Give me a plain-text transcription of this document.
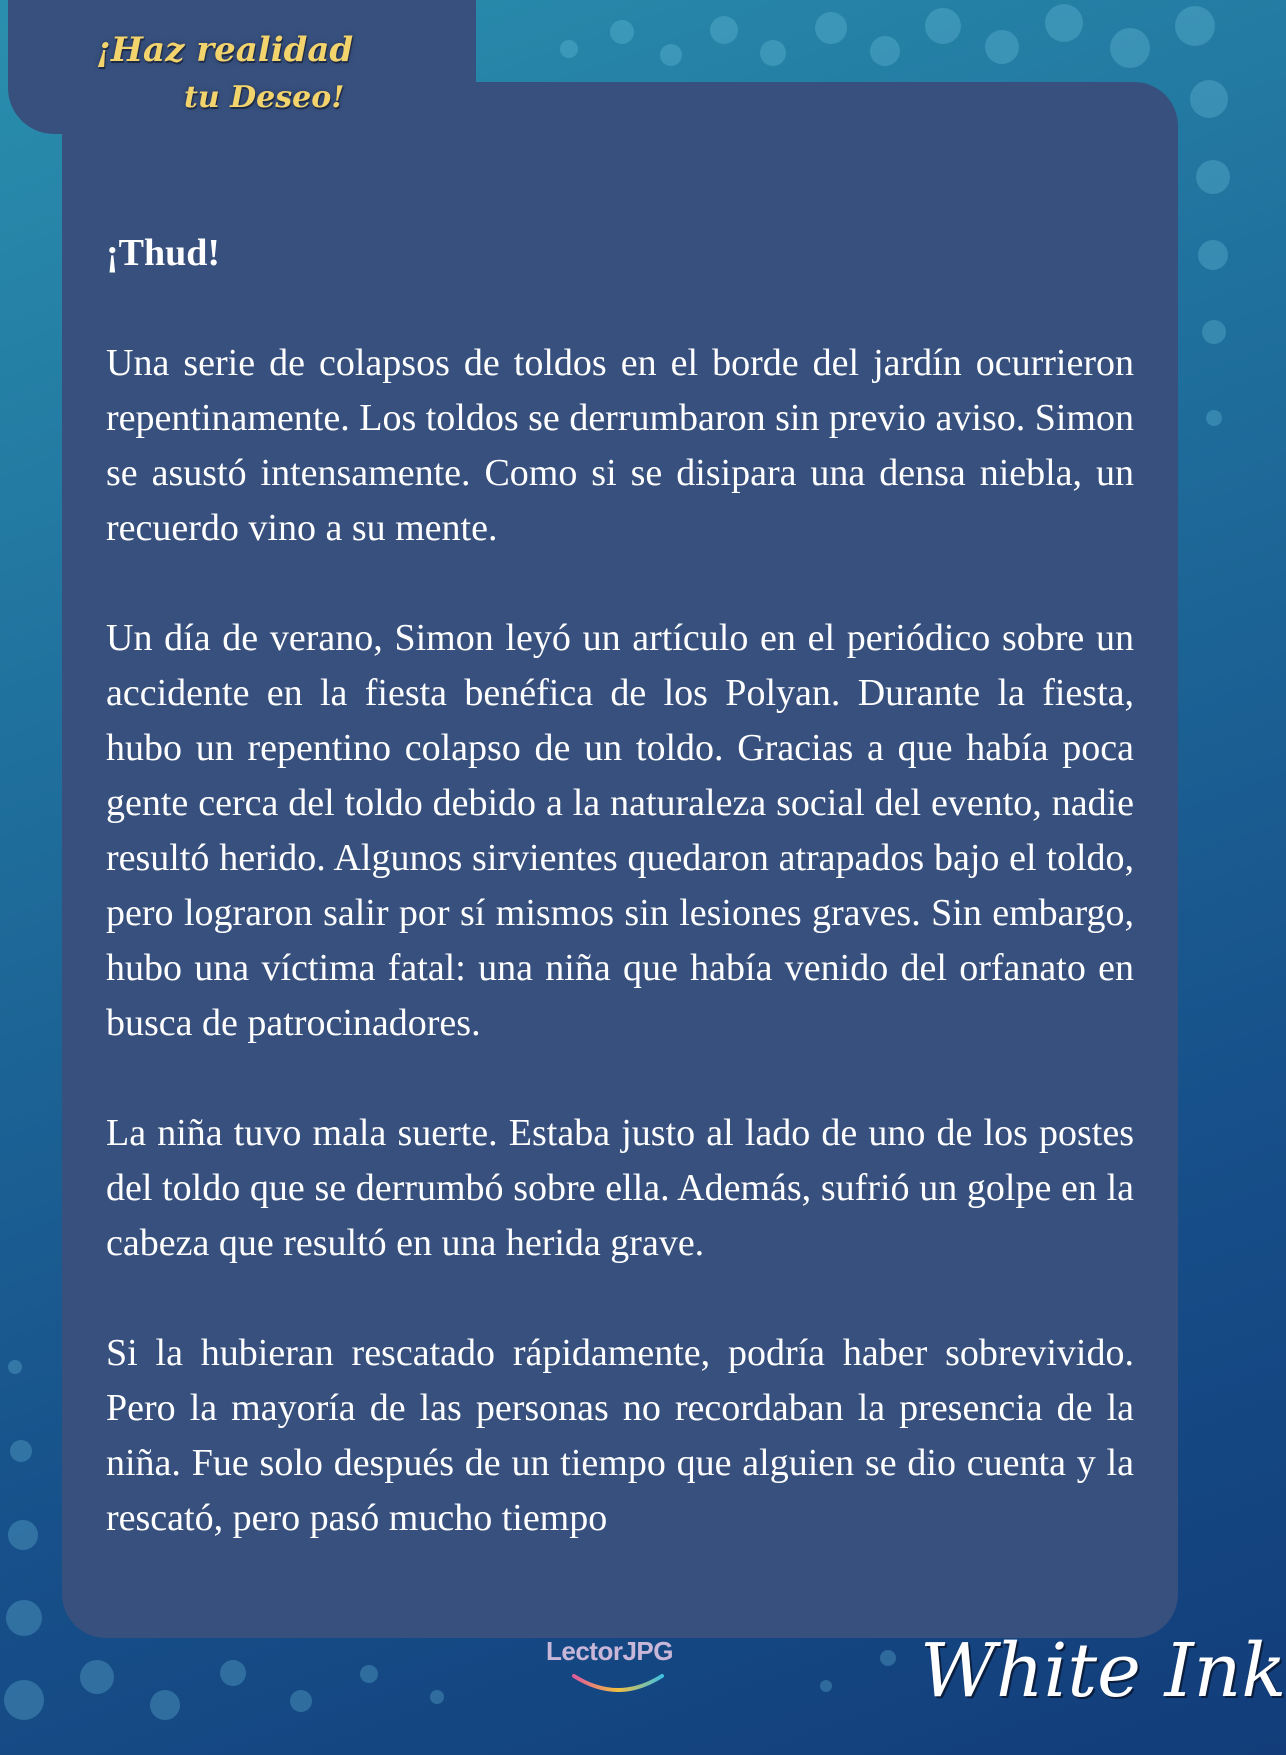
¡Haz realidad
tu Deseo!
¡Thud!

Una serie de colapsos de toldos en el borde del jardín ocurrieron repentinamente. Los toldos se derrumbaron sin previo aviso. Simon se asustó intensamente. Como si se disipara una densa niebla, un recuerdo vino a su mente.

Un día de verano, Simon leyó un artículo en el periódico sobre un accidente en la fiesta benéfica de los Polyan. Durante la fiesta, hubo un repentino colapso de un toldo. Gracias a que había poca gente cerca del toldo debido a la naturaleza social del evento, nadie resultó herido. Algunos sirvientes quedaron atrapados bajo el toldo, pero lograron salir por sí mismos sin lesiones graves. Sin embargo, hubo una víctima fatal: una niña que había venido del orfanato en busca de patrocinadores.

La niña tuvo mala suerte. Estaba justo al lado de uno de los postes del toldo que se derrumbó sobre ella. Además, sufrió un golpe en la cabeza que resultó en una herida grave.

Si la hubieran rescatado rápidamente, podría haber sobrevivido. Pero la mayoría de las personas no recordaban la presencia de la niña. Fue solo después de un tiempo que alguien se dio cuenta y la rescató, pero pasó mucho tiempo

LectorJPG	White Ink
